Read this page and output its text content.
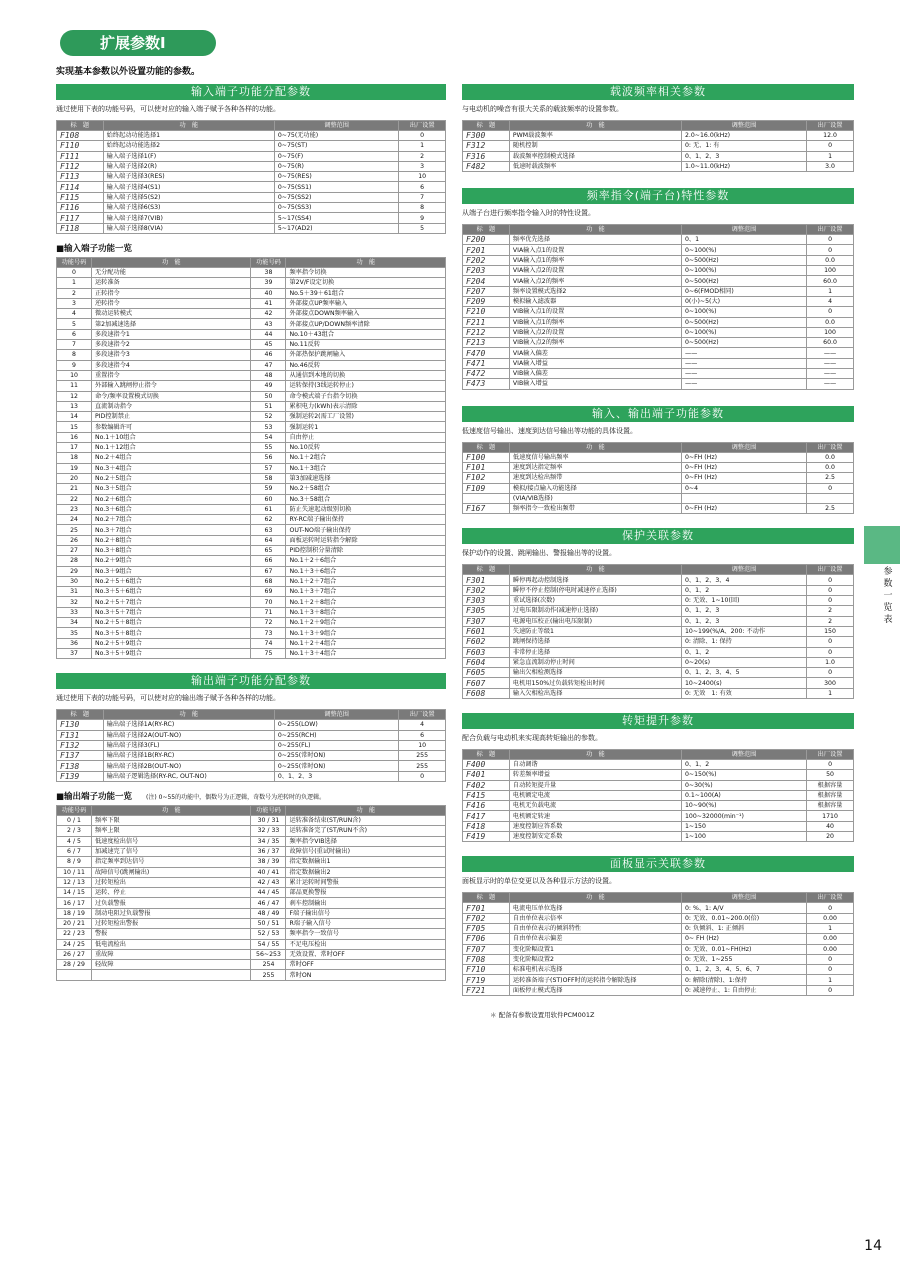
扩展参数Ⅰ
实现基本参数以外设置功能的参数。
参数一览表
14
输入端子功能分配参数
通过使用下表的功能号码，可以使对应的输入端子赋予各种各样的功能。
标　题	功　能	调整范围	出厂设置
F108	始终起动功能选择1	0~75(无功能)	0
F110	始终起动功能选择2	0~75(ST)	1
F111	输入端子选择1(F)	0~75(F)	2
F112	输入端子选择2(R)	0~75(R)	3
F113	输入端子选择3(RES)	0~75(RES)	10
F114	输入端子选择4(S1)	0~75(SS1)	6
F115	输入端子选择5(S2)	0~75(SS2)	7
F116	输入端子选择6(S3)	0~75(SS3)	8
F117	输入端子选择7(VIB)	5~17(SS4)	9
F118	输入端子选择8(VIA)	5~17(AD2)	5
■输入端子功能一览
功能号码	功　能	功能号码	功　能
0	无分配功能	38	频率指令切换
1	运转准备	39	第2V/F设定切换
2	正转指令	40	No.5＋39＋61组合
3	逆转指令	41	外部接点UP频率输入
4	微动运转模式	42	外部接点DOWN频率输入
5	第2加减速选择	43	外部接点UP/DOWN频率清除
6	多段速指令1	44	No.10＋43组合
7	多段速指令2	45	No.11反转
8	多段速指令3	46	外部热保护跳闸输入
9	多段速指令4	47	No.46反转
10	重置指令	48	从通信到本地的切换
11	外部输入跳闸停止指令	49	运转保持(3线运转停止)
12	命令/频率设置模式切换	50	命令模式端子台指令切换
13	直流制动指令	51	累积电力(kWh)表示清除
14	PID控制禁止	52	强制运转2(需工厂设置)
15	参数编辑许可	53	强制运转1
16	No.1＋10组合	54	自由停止
17	No.1＋12组合	55	No.10反转
18	No.2＋4组合	56	No.1＋2组合
19	No.3＋4组合	57	No.1＋3组合
20	No.2＋5组合	58	第3加减速选择
21	No.3＋5组合	59	No.2＋58组合
22	No.2＋6组合	60	No.3＋58组合
23	No.3＋6组合	61	防止失速起动级别切换
24	No.2＋7组合	62	RY-RC端子输出保持
25	No.3＋7组合	63	OUT-NO端子输出保持
26	No.2＋8组合	64	面板运转时运转指令解除
27	No.3＋8组合	65	PID控制积分量清除
28	No.2＋9组合	66	No.1＋2＋6组合
29	No.3＋9组合	67	No.1＋3＋6组合
30	No.2＋5＋6组合	68	No.1＋2＋7组合
31	No.3＋5＋6组合	69	No.1＋3＋7组合
32	No.2＋5＋7组合	70	No.1＋2＋8组合
33	No.3＋5＋7组合	71	No.1＋3＋8组合
34	No.2＋5＋8组合	72	No.1＋2＋9组合
35	No.3＋5＋8组合	73	No.1＋3＋9组合
36	No.2＋5＋9组合	74	No.1＋2＋4组合
37	No.3＋5＋9组合	75	No.1＋3＋4组合
输出端子功能分配参数
通过使用下表的功能号码，可以使对应的输出端子赋予各种各样的功能。
标　题	功　能	调整范围	出厂设置
F130	输出端子选择1A(RY-RC)	0~255(LOW)	4
F131	输出端子选择2A(OUT-NO)	0~255(RCH)	6
F132	输出端子选择3(FL)	0~255(FL)	10
F137	输出端子选择1B(RY-RC)	0~255(常时ON)	255
F138	输出端子选择2B(OUT-NO)	0~255(常时ON)	255
F139	输出端子逻辑选择(RY-RC, OUT-NO)	0、1、2、3	0
■输出端子功能一览 (注) 0~55的功能中，偶数号为正逻辑，奇数号为逆转时的负逻辑。
功能号码	功　能	功能号码	功　能
0 / 1	频率下限	30 / 31	运转准备结束(ST/RUN含)
2 / 3	频率上限	32 / 33	运转准备完了(ST/RUN不含)
4 / 5	低速度检出信号	34 / 35	频率指令VIB选择
6 / 7	加减速完了信号	36 / 37	故障信号(重试时输出)
8 / 9	指定频率到达信号	38 / 39	指定数据输出1
10 / 11	故障信号(跳闸输出)	40 / 41	指定数据输出2
12 / 13	过转矩检出	42 / 43	累计运转时间警报
14 / 15	运转、停止	44 / 45	部品更换警报
16 / 17	过负载警报	46 / 47	刹车控制输出
18 / 19	制动电阻过负载警报	48 / 49	F端子输出信号
20 / 21	过转矩检出警报	50 / 51	R端子输入信号
22 / 23	警报	52 / 53	频率指令一致信号
24 / 25	低电流检出	54 / 55	不足电压检出
26 / 27	重故障	56~253	无效设置、常时OFF
28 / 29	轻故障	254	常时OFF
		255	常时ON
载波频率相关参数
与电动机的噪音有很大关系的载波频率的设置参数。
标　题	功　能	调整范围	出厂设置
F300	PWM载波频率	2.0~16.0(kHz)	12.0
F312	随机控制	0: 无、1: 有	0
F316	载波频率控制模式选择	0、1、2、3	1
F482	低速时载波频率	1.0~11.0(kHz)	3.0
频率指令(端子台)特性参数
从端子台进行频率指令输入时的特性设置。
标　题	功　能	调整范围	出厂设置
F200	频率优先选择	0、1	0
F201	VIA输入点1的设置	0~100(%)	0
F202	VIA输入点1的频率	0~500(Hz)	0.0
F203	VIA输入点2的设置	0~100(%)	100
F204	VIA输入点2的频率	0~500(Hz)	60.0
F207	频率设置模式选择2	0~6(FMOD相同)	1
F209	模拟输入滤波器	0(小)~5(大)	4
F210	VIB输入点1的设置	0~100(%)	0
F211	VIB输入点1的频率	0~500(Hz)	0.0
F212	VIB输入点2的设置	0~100(%)	100
F213	VIB输入点2的频率	0~500(Hz)	60.0
F470	VIA输入偏差	——	——
F471	VIA输入增益	——	——
F472	VIB输入偏差	——	——
F473	VIB输入增益	——	——
输入、输出端子功能参数
低速度信号输出、速度到达信号输出等功能的具体设置。
标　题	功　能	调整范围	出厂设置
F100	低速度信号输出频率	0~FH (Hz)	0.0
F101	速度到达指定频率	0~FH (Hz)	0.0
F102	速度到达检出频带	0~FH (Hz)	2.5
F109	模拟/接点输入功能选择	0~4	0
	(VIA/VIB选择)		
F167	频率指令一致检出频带	0~FH (Hz)	2.5
保护关联参数
保护动作的设置、跳闸输出、警报输出等的设置。
标　题	功　能	调整范围	出厂设置
F301	瞬停再起动控制选择	0、1、2、3、4	0
F302	瞬停不停止控制(停电时减速停止选择)	0、1、2	0
F303	重试选择(次数)	0: 无效、1~10(回)	0
F305	过电压限制动作(减速停止选择)	0、1、2、3	2
F307	电源电压校正(输出电压限制)	0、1、2、3	2
F601	失速防止等级1	10~199(%/A、200: 不动作	150
F602	跳闸保持选择	0: 清除、1: 保持	0
F603	非常停止选择	0、1、2	0
F604	紧急直流制动停止时间	0~20(s)	1.0
F605	输出欠相检测选择	0、1、2、3、4、5	0
F607	电机用150%过负载转矩检出时间	10~2400(s)	300
F608	输入欠相检出选择	0: 无效　1: 有效	1
转矩提升参数
配合负载与电动机来实现高转矩输出的参数。
标　题	功　能	调整范围	出厂设置
F400	自动调谐	0、1、2	0
F401	转差频率增益	0~150(%)	50
F402	自动转矩提升量	0~30(%)	根据容量
F415	电机额定电流	0.1~100(A)	根据容量
F416	电机无负载电流	10~90(%)	根据容量
F417	电机额定转速	100~32000(min⁻¹)	1710
F418	速度控制应答系数	1~150	40
F419	速度控制安定系数	1~100	20
面板显示关联参数
面板显示时的单位变更以及各种显示方法的设置。
标　题	功　能	调整范围	出厂设置
F701	电流电压单位选择	0: %、1: A/V	0
F702	自由单位表示倍率	0: 无效、0.01~200.0(倍)	0.00
F705	自由单位表示的倾斜特性	0: 负倾斜、1: 正倾斜	1
F706	自由单位表示偏差	0~ FH (Hz)	0.00
F707	变化阶幅设置1	0: 无效、0.01~FH(Hz)	0.00
F708	变化阶幅设置2	0: 无效、1~255	0
F710	标准电机表示选择	0、1、2、3、4、5、6、7	0
F719	运转准备端子(ST)OFF时的运转指令解除选择	0: 解除(清除)、1:保持	1
F721	面板停止模式选择	0: 减速停止、1: 自由停止	0
＊ 配备有参数设置用软件PCM001Z
